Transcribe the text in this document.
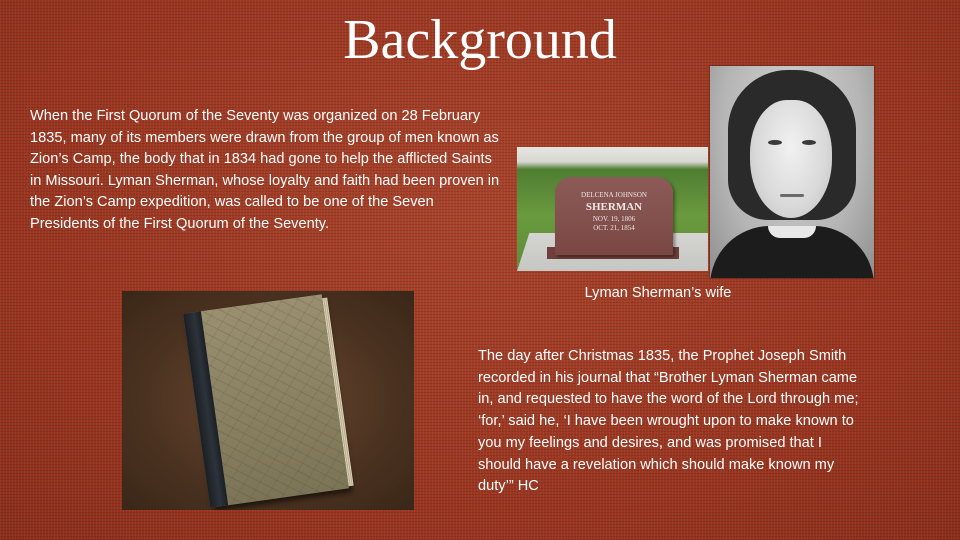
Background
When the First Quorum of the Seventy was organized on 28 February 1835, many of its members were drawn from the group of men known as Zion’s Camp, the body that in 1834 had gone to help the afflicted Saints in Missouri. Lyman Sherman, whose loyalty and faith had been proven in the Zion’s Camp expedition, was called to be one of the Seven Presidents of the First Quorum of the Seventy.
DELCENA JOHNSON
SHERMAN
NOV. 19, 1806
OCT. 21, 1854
Lyman Sherman’s wife
The day after Christmas 1835, the Prophet Joseph Smith recorded in his journal that “Brother Lyman Sherman came in, and requested to have the word of the Lord through me; ‘for,’ said he, ‘I have been wrought upon to make known to you my feelings and desires, and was promised that I should have a revelation which should make known my duty’” HC
